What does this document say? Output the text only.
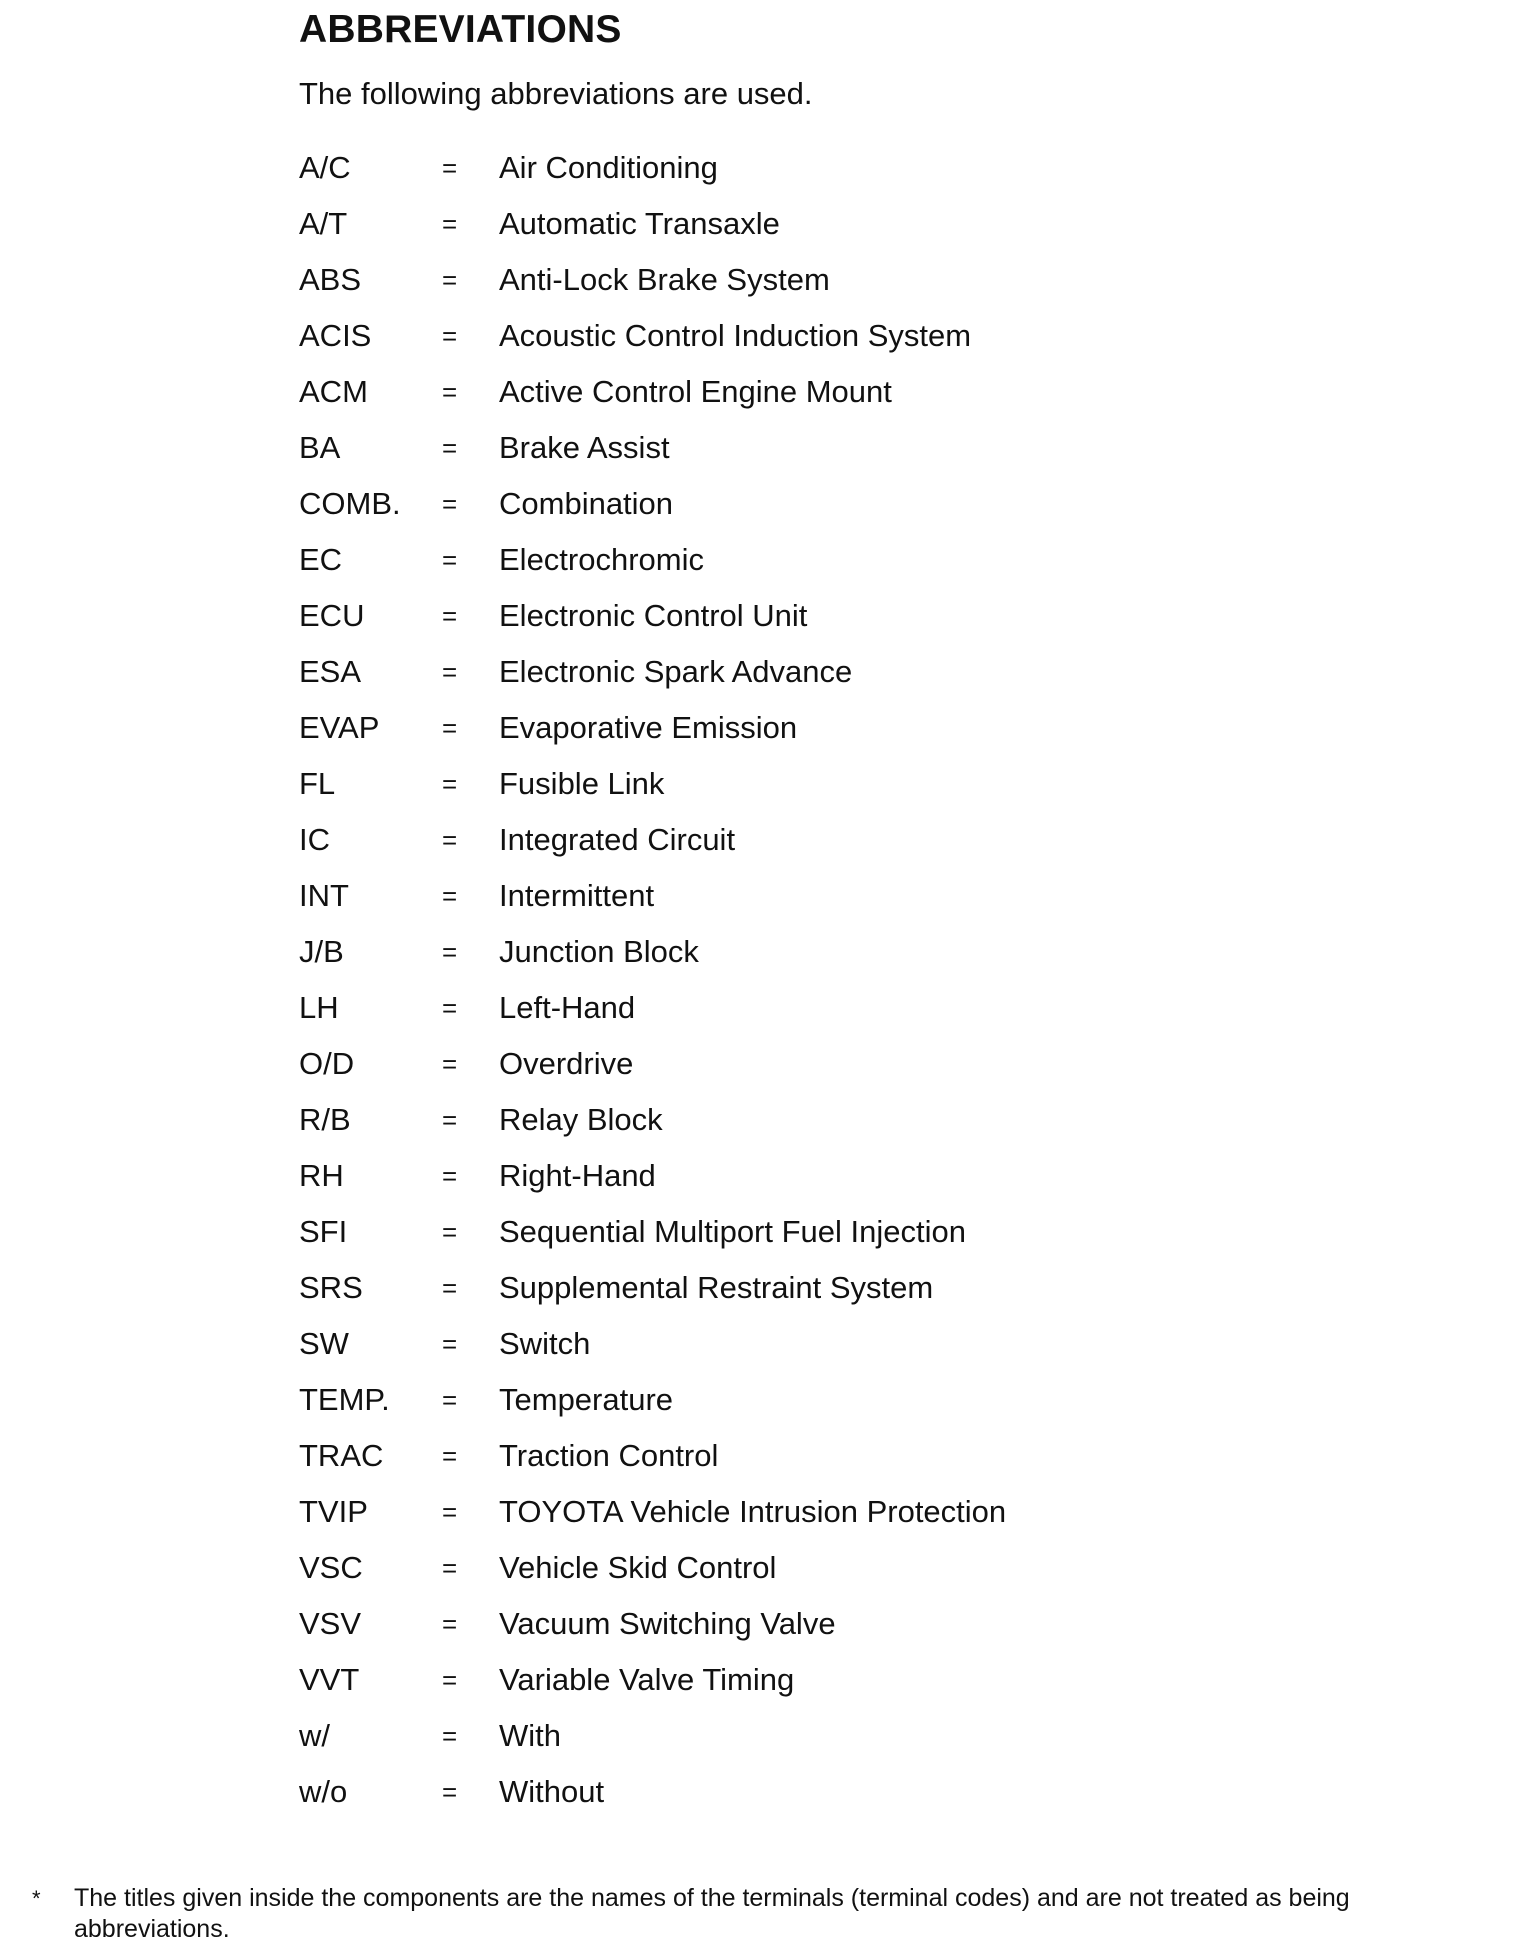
ABBREVIATIONS

The following abbreviations are used.

A/C	=	Air Conditioning
A/T	=	Automatic Transaxle
ABS	=	Anti-Lock Brake System
ACIS	=	Acoustic Control Induction System
ACM	=	Active Control Engine Mount
BA	=	Brake Assist
COMB.	=	Combination
EC	=	Electrochromic
ECU	=	Electronic Control Unit
ESA	=	Electronic Spark Advance
EVAP	=	Evaporative Emission
FL	=	Fusible Link
IC	=	Integrated Circuit
INT	=	Intermittent
J/B	=	Junction Block
LH	=	Left-Hand
O/D	=	Overdrive
R/B	=	Relay Block
RH	=	Right-Hand
SFI	=	Sequential Multiport Fuel Injection
SRS	=	Supplemental Restraint System
SW	=	Switch
TEMP.	=	Temperature
TRAC	=	Traction Control
TVIP	=	TOYOTA Vehicle Intrusion Protection
VSC	=	Vehicle Skid Control
VSV	=	Vacuum Switching Valve
VVT	=	Variable Valve Timing
w/	=	With
w/o	=	Without
*	The titles given inside the components are the names of the terminals (terminal codes) and are not treated as being abbreviations.
